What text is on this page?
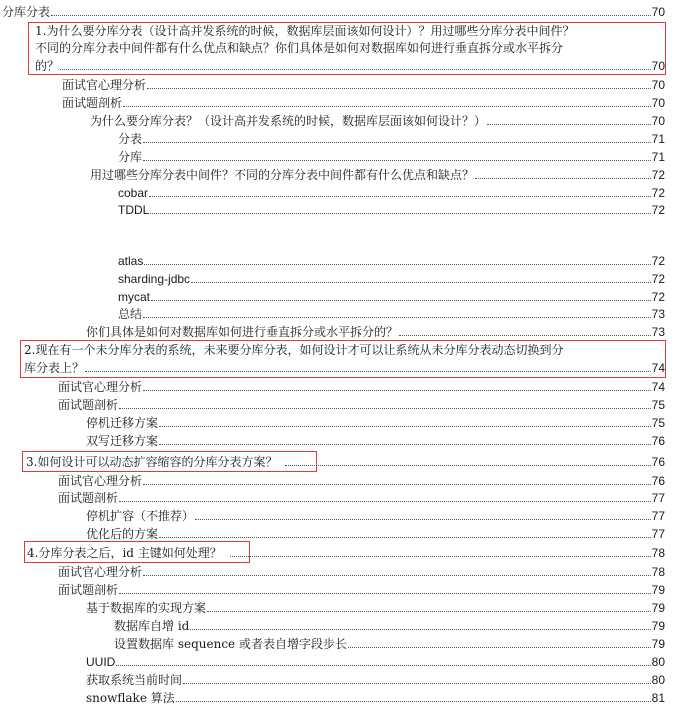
分库分表	70
1.为什么要分库分表（设计高并发系统的时候，数据库层面该如何设计）？用过哪些分库分表中间件？
不同的分库分表中间件都有什么优点和缺点？你们具体是如何对数据库如何进行垂直拆分或水平拆分
的？	70
面试官心理分析	70
面试题剖析	70
为什么要分库分表？（设计高并发系统的时候，数据库层面该如何设计？）	70
分表	71
分库	71
用过哪些分库分表中间件？不同的分库分表中间件都有什么优点和缺点？	72
cobar	72
TDDL	72
atlas	72
sharding-jdbc	72
mycat	72
总结	73
你们具体是如何对数据库如何进行垂直拆分或水平拆分的？	73
2.现在有一个未分库分表的系统，未来要分库分表，如何设计才可以让系统从未分库分表动态切换到分
库分表上？	74
面试官心理分析	74
面试题剖析	75
停机迁移方案	75
双写迁移方案	76
3.如何设计可以动态扩容缩容的分库分表方案？	76
面试官心理分析	76
面试题剖析	77
停机扩容（不推荐）	77
优化后的方案	77
4.分库分表之后，id 主键如何处理？	78
面试官心理分析	78
面试题剖析	79
基于数据库的实现方案	79
数据库自增 id	79
设置数据库 sequence 或者表自增字段步长	79
UUID	80
获取系统当前时间	80
snowflake 算法	81
